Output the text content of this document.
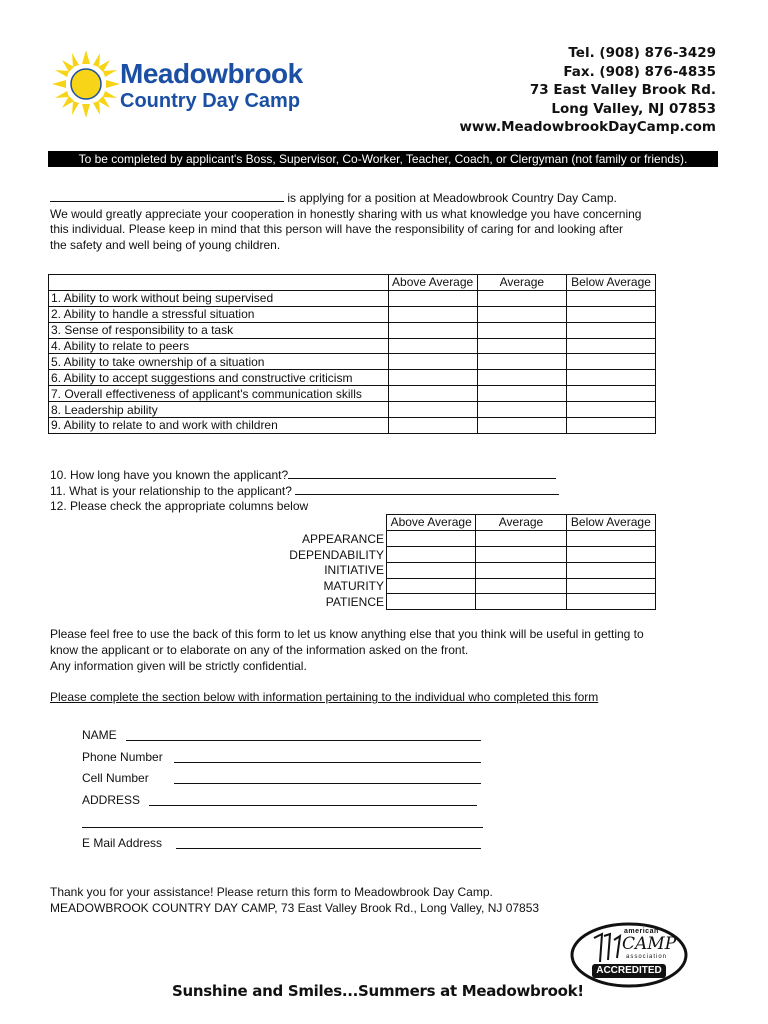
Meadowbrook
Country Day Camp
Tel. (908) 876-3429
Fax. (908) 876-4835
73 East Valley Brook Rd.
Long Valley, NJ 07853
www.MeadowbrookDayCamp.com
To be completed by applicant's Boss, Supervisor, Co-Worker, Teacher, Coach, or Clergyman (not family or friends).
is applying for a position at Meadowbrook Country Day Camp.
We would greatly appreciate your cooperation in honestly sharing with us what knowledge you have concerning
this individual. Please keep in mind that this person will have the responsibility of caring for and looking after
the safety and well being of young children.
	Above Average	Average	Below Average
1. Ability to work without being supervised			
2. Ability to handle a stressful situation			
3. Sense of responsibility to a task			
4. Ability to relate to peers			
5. Ability to take ownership of a situation			
6. Ability to accept suggestions and constructive criticism			
7. Overall effectiveness of applicant's communication skills			
8. Leadership ability			
9. Ability to relate to and work with children			
10. How long have you known the applicant?
11. What is your relationship to the applicant?
12. Please check the appropriate columns below
Above Average	Average	Below Average

APPEARANCE
DEPENDABILITY
INITIATIVE
MATURITY
PATIENCE
Please feel free to use the back of this form to let us know anything else that you think will be useful in getting to
know the applicant or to elaborate on any of the information asked on the front.
Any information given will be strictly confidential.
Please complete the section below with information pertaining to the individual who completed this form
NAME
Phone Number
Cell Number
ADDRESS
E Mail Address
Thank you for your assistance! Please return this form to Meadowbrook Day Camp.
MEADOWBROOK COUNTRY DAY CAMP, 73 East Valley Brook Rd., Long Valley, NJ 07853
american
CAMP
association
ACCREDITED
Sunshine and Smiles...Summers at Meadowbrook!
